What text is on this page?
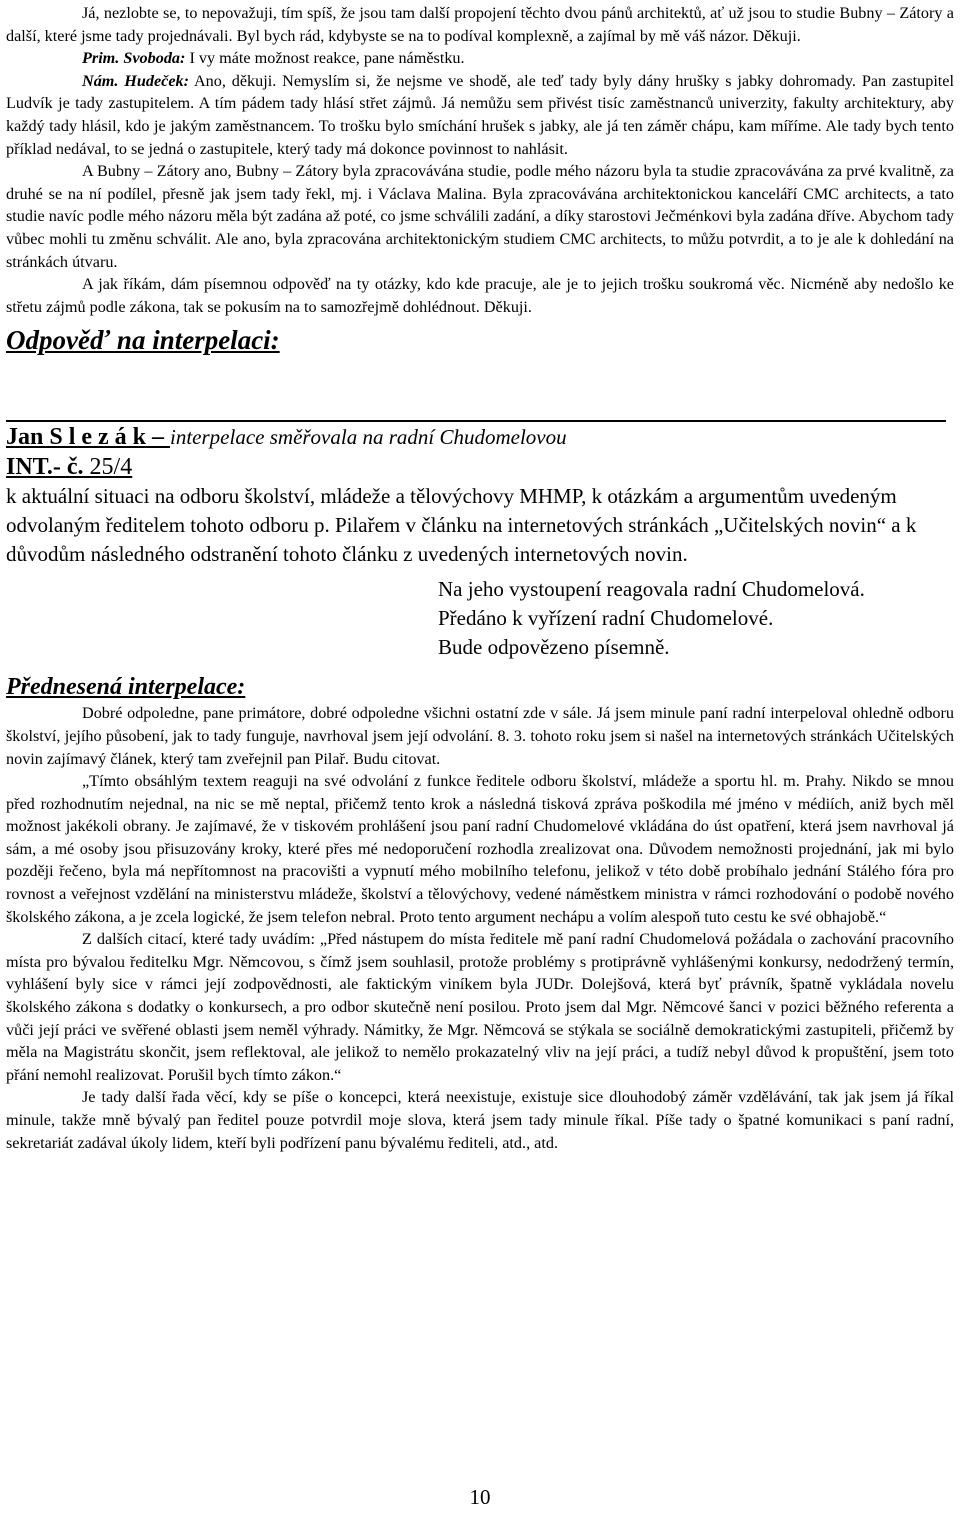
Já, nezlobte se, to nepovažuji, tím spíš, že jsou tam další propojení těchto dvou pánů architektů, ať už jsou to studie Bubny – Zátory a další, které jsme tady projednávali. Byl bych rád, kdybyste se na to podíval komplexně, a zajímal by mě váš názor. Děkuji.

Prim. Svoboda: I vy máte možnost reakce, pane náměstku.

Nám. Hudeček: Ano, děkuji. Nemyslím si, že nejsme ve shodě, ale teď tady byly dány hrušky s jabky dohromady. Pan zastupitel Ludvík je tady zastupitelem. A tím pádem tady hlásí střet zájmů. Já nemůžu sem přivést tisíc zaměstnanců univerzity, fakulty architektury, aby každý tady hlásil, kdo je jakým zaměstnancem. To trošku bylo smíchání hrušek s jabky, ale já ten záměr chápu, kam míříme. Ale tady bych tento příklad nedával, to se jedná o zastupitele, který tady má dokonce povinnost to nahlásit.

A Bubny – Zátory ano, Bubny – Zátory byla zpracovávána studie, podle mého názoru byla ta studie zpracovávána za prvé kvalitně, za druhé se na ní podílel, přesně jak jsem tady řekl, mj. i Václava Malina. Byla zpracovávána architektonickou kanceláří CMC architects, a tato studie navíc podle mého názoru měla být zadána až poté, co jsme schválili zadání, a díky starostovi Ječménkovi byla zadána dříve. Abychom tady vůbec mohli tu změnu schválit. Ale ano, byla zpracována architektonickým studiem CMC architects, to můžu potvrdit, a to je ale k dohledání na stránkách útvaru.

A jak říkám, dám písemnou odpověď na ty otázky, kdo kde pracuje, ale je to jejich trošku soukromá věc. Nicméně aby nedošlo ke střetu zájmů podle zákona, tak se pokusím na to samozřejmě dohlédnout. Děkuji.

Odpověď na interpelaci:
Jan S l e z á k – interpelace směřovala na radní Chudomelovou
INT.- č. 25/4

k aktuální situaci na odboru školství, mládeže a tělovýchovy MHMP, k otázkám a argumentům uvedeným odvolaným ředitelem tohoto odboru p. Pilařem v článku na internetových stránkách „Učitelských novin“ a k důvodům následného odstranění tohoto článku z uvedených internetových novin.

Na jeho vystoupení reagovala radní Chudomelová.
Předáno k vyřízení radní Chudomelové.
Bude odpovězeno písemně.
Přednesená interpelace:

Dobré odpoledne, pane primátore, dobré odpoledne všichni ostatní zde v sále. Já jsem minule paní radní interpeloval ohledně odboru školství, jejího působení, jak to tady funguje, navrhoval jsem její odvolání. 8. 3. tohoto roku jsem si našel na internetových stránkách Učitelských novin zajímavý článek, který tam zveřejnil pan Pilař. Budu citovat.

„Tímto obsáhlým textem reaguji na své odvolání z funkce ředitele odboru školství, mládeže a sportu hl. m. Prahy. Nikdo se mnou před rozhodnutím nejednal, na nic se mě neptal, přičemž tento krok a následná tisková zpráva poškodila mé jméno v médiích, aniž bych měl možnost jakékoli obrany. Je zajímavé, že v tiskovém prohlášení jsou paní radní Chudomelové vkládána do úst opatření, která jsem navrhoval já sám, a mé osoby jsou přisuzovány kroky, které přes mé nedoporučení rozhodla zrealizovat ona. Důvodem nemožnosti projednání, jak mi bylo později řečeno, byla má nepřítomnost na pracovišti a vypnutí mého mobilního telefonu, jelikož v této době probíhalo jednání Stálého fóra pro rovnost a veřejnost vzdělání na ministerstvu mládeže, školství a tělovýchovy, vedené náměstkem ministra v rámci rozhodování o podobě nového školského zákona, a je zcela logické, že jsem telefon nebral. Proto tento argument nechápu a volím alespoň tuto cestu ke své obhajobě.“

Z dalších citací, které tady uvádím: „Před nástupem do místa ředitele mě paní radní Chudomelová požádala o zachování pracovního místa pro bývalou ředitelku Mgr. Němcovou, s čímž jsem souhlasil, protože problémy s protiprávně vyhlášenými konkursy, nedodržený termín, vyhlášení byly sice v rámci její zodpovědnosti, ale faktickým viníkem byla JUDr. Dolejšová, která byť právník, špatně vykládala novelu školského zákona s dodatky o konkursech, a pro odbor skutečně není posilou. Proto jsem dal Mgr. Němcové šanci v pozici běžného referenta a vůči její práci ve svěřené oblasti jsem neměl výhrady. Námitky, že Mgr. Němcová se stýkala se sociálně demokratickými zastupiteli, přičemž by měla na Magistrátu skončit, jsem reflektoval, ale jelikož to nemělo prokazatelný vliv na její práci, a tudíž nebyl důvod k propuštění, jsem toto přání nemohl realizovat. Porušil bych tímto zákon.“

Je tady další řada věcí, kdy se píše o koncepci, která neexistuje, existuje sice dlouhodobý záměr vzdělávání, tak jak jsem já říkal minule, takže mně bývalý pan ředitel pouze potvrdil moje slova, která jsem tady minule říkal. Píše tady o špatné komunikaci s paní radní, sekretariát zadával úkoly lidem, kteří byli podřízení panu bývalému řediteli, atd., atd.

10
